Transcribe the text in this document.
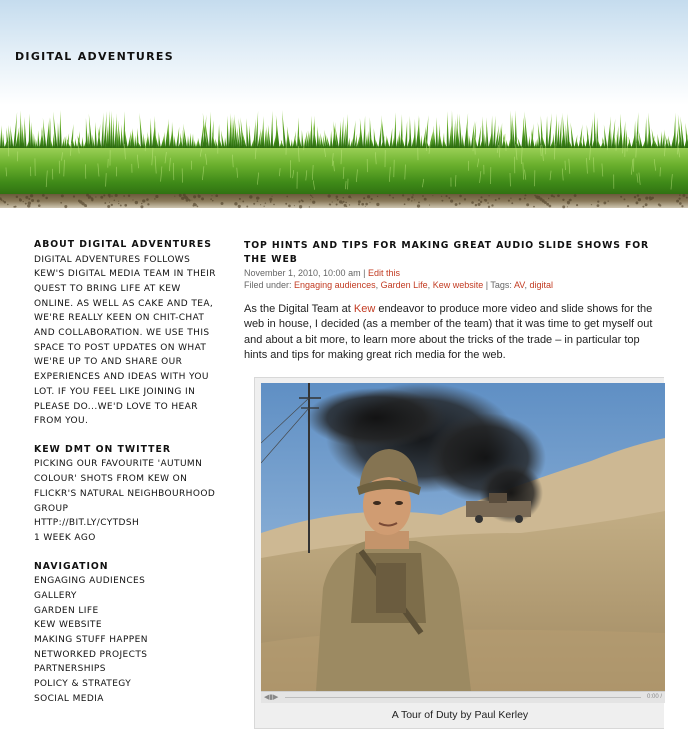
DIGITAL ADVENTURES
ABOUT DIGITAL ADVENTURES

DIGITAL ADVENTURES FOLLOWS KEW'S DIGITAL MEDIA TEAM IN THEIR QUEST TO BRING LIFE AT KEW ONLINE. AS WELL AS CAKE AND TEA, WE'RE REALLY KEEN ON CHIT-CHAT AND COLLABORATION. WE USE THIS SPACE TO POST UPDATES ON WHAT WE'RE UP TO AND SHARE OUR EXPERIENCES AND IDEAS WITH YOU LOT. IF YOU FEEL LIKE JOINING IN PLEASE DO...WE'D LOVE TO HEAR FROM YOU.

KEW DMT ON TWITTER

PICKING OUR FAVOURITE 'AUTUMN COLOUR' SHOTS FROM KEW ON FLICKR'S NATURAL NEIGHBOURHOOD GROUP

HTTP://BIT.LY/CYTDSH

1 WEEK AGO

NAVIGATION
ENGAGING AUDIENCES
GALLERY
GARDEN LIFE
KEW WEBSITE
MAKING STUFF HAPPEN
NETWORKED PROJECTS
PARTNERSHIPS
POLICY & STRATEGY
SOCIAL MEDIA
TOP HINTS AND TIPS FOR MAKING GREAT AUDIO SLIDE SHOWS FOR THE WEB
November 1, 2010, 10:00 am | Edit this
Filed under: Engaging audiences, Garden Life, Kew website | Tags: AV, digital

As the Digital Team at Kew endeavor to produce more video and slide shows for the web in house, I decided (as a member of the team) that it was time to get myself out and about a bit more, to learn more about the tricks of the trade – in particular top hints and tips for making great rich media for the web.

◀▮ ▶	0:00 /
A Tour of Duty by Paul Kerley
